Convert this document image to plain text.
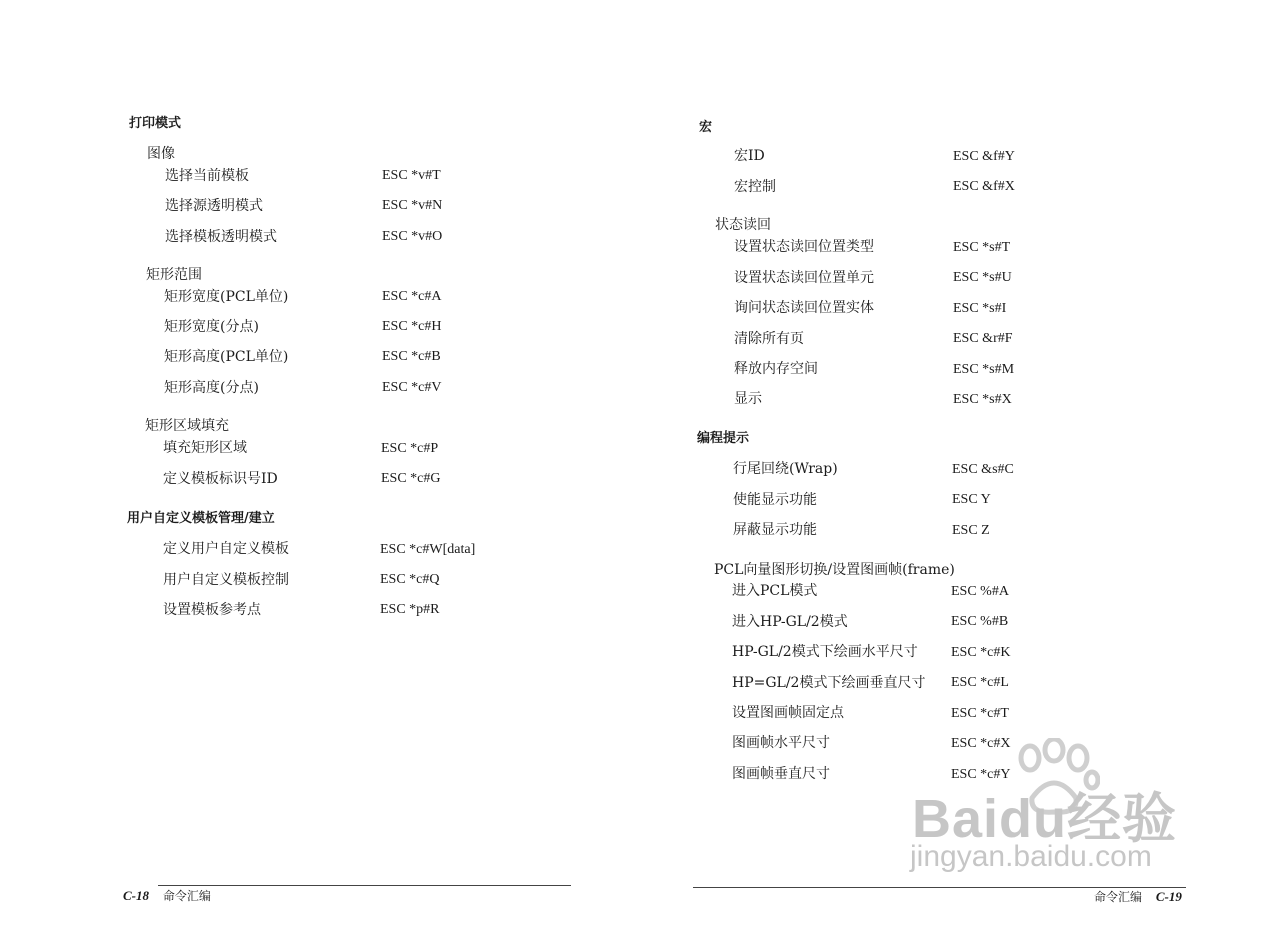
打印模式
图像
选择当前模板	ESC *v#T
选择源透明模式	ESC *v#N
选择模板透明模式	ESC *v#O
矩形范围
矩形宽度(PCL单位)	ESC *c#A
矩形宽度(分点)	ESC *c#H
矩形高度(PCL单位)	ESC *c#B
矩形高度(分点)	ESC *c#V
矩形区域填充
填充矩形区域	ESC *c#P
定义模板标识号ID	ESC *c#G
用户自定义模板管理/建立
定义用户自定义模板	ESC *c#W[data]
用户自定义模板控制	ESC *c#Q
设置模板参考点	ESC *p#R
C-18 命令汇编
宏
宏ID	ESC &f#Y
宏控制	ESC &f#X
状态读回
设置状态读回位置类型	ESC *s#T
设置状态读回位置单元	ESC *s#U
询问状态读回位置实体	ESC *s#I
清除所有页	ESC &r#F
释放内存空间	ESC *s#M
显示	ESC *s#X
编程提示
行尾回绕(Wrap)	ESC &s#C
使能显示功能	ESC Y
屏蔽显示功能	ESC Z
PCL向量图形切换/设置图画帧(frame)
进入PCL模式	ESC %#A
进入HP-GL/2模式	ESC %#B
HP-GL/2模式下绘画水平尺寸 ESC *c#K
HP=GL/2模式下绘画垂直尺寸 ESC *c#L
设置图画帧固定点	ESC *c#T
图画帧水平尺寸	ESC *c#X
图画帧垂直尺寸	ESC *c#Y
命令汇编 C-19
Baidu经验
jingyan.baidu.com
